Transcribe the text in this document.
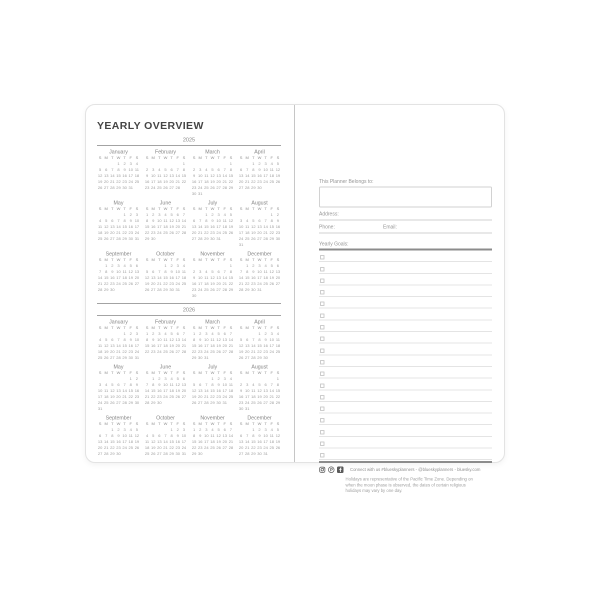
YEARLY OVERVIEW
2025
January
S M T W T F S
1 2 3 4
5 6 7 8 9 10 11
12 13 14 15 16 17 18
19 20 21 22 23 24 25
26 27 28 29 30 31
February
S M T W T F S
1
2 3 4 5 6 7 8
9 10 11 12 13 14 15
16 17 18 19 20 21 22
23 24 25 26 27 28
March
S M T W T F S
1
2 3 4 5 6 7 8
9 10 11 12 13 14 15
16 17 18 19 20 21 22
23 24 25 26 27 28 29
30 31
April
S M T W T F S
1 2 3 4 5
6 7 8 9 10 11 12
13 14 15 16 17 18 19
20 21 22 23 24 25 26
27 28 29 30
May
S M T W T F S
1 2 3
4 5 6 7 8 9 10
11 12 13 14 15 16 17
18 19 20 21 22 23 24
25 26 27 28 29 30 31
June
S M T W T F S
1 2 3 4 5 6 7
8 9 10 11 12 13 14
15 16 17 18 19 20 21
22 23 24 25 26 27 28
29 30
July
S M T W T F S
1 2 3 4 5
6 7 8 9 10 11 12
13 14 15 16 17 18 19
20 21 22 23 24 25 26
27 28 29 30 31
August
S M T W T F S
1 2
3 4 5 6 7 8 9
10 11 12 13 14 15 16
17 18 19 20 21 22 23
24 25 26 27 28 29 30
31
September
S M T W T F S
1 2 3 4 5 6
7 8 9 10 11 12 13
14 15 16 17 18 19 20
21 22 23 24 25 26 27
28 29 30
October
S M T W T F S
1 2 3 4
5 6 7 8 9 10 11
12 13 14 15 16 17 18
19 20 21 22 23 24 25
26 27 28 29 30 31
November
S M T W T F S
1
2 3 4 5 6 7 8
9 10 11 12 13 14 15
16 17 18 19 20 21 22
23 24 25 26 27 28 29
30
December
S M T W T F S
1 2 3 4 5 6
7 8 9 10 11 12 13
14 15 16 17 18 19 20
21 22 23 24 25 26 27
28 29 30 31
2026
January
S M T W T F S
1 2 3
4 5 6 7 8 9 10
11 12 13 14 15 16 17
18 19 20 21 22 23 24
25 26 27 28 29 30 31
February
S M T W T F S
1 2 3 4 5 6 7
8 9 10 11 12 13 14
15 16 17 18 19 20 21
22 23 24 25 26 27 28
March
S M T W T F S
1 2 3 4 5 6 7
8 9 10 11 12 13 14
15 16 17 18 19 20 21
22 23 24 25 26 27 28
29 30 31
April
S M T W T F S
1 2 3 4
5 6 7 8 9 10 11
12 13 14 15 16 17 18
19 20 21 22 23 24 25
26 27 28 29 30
May
S M T W T F S
1 2
3 4 5 6 7 8 9
10 11 12 13 14 15 16
17 18 19 20 21 22 23
24 25 26 27 28 29 30
31
June
S M T W T F S
1 2 3 4 5 6
7 8 9 10 11 12 13
14 15 16 17 18 19 20
21 22 23 24 25 26 27
28 29 30
July
S M T W T F S
1 2 3 4
5 6 7 8 9 10 11
12 13 14 15 16 17 18
19 20 21 22 23 24 25
26 27 28 29 30 31
August
S M T W T F S
1
2 3 4 5 6 7 8
9 10 11 12 13 14 15
16 17 18 19 20 21 22
23 24 25 26 27 28 29
30 31
September
S M T W T F S
1 2 3 4 5
6 7 8 9 10 11 12
13 14 15 16 17 18 19
20 21 22 23 24 25 26
27 28 29 30
October
S M T W T F S
1 2 3
4 5 6 7 8 9 10
11 12 13 14 15 16 17
18 19 20 21 22 23 24
25 26 27 28 29 30 31
November
S M T W T F S
1 2 3 4 5 6 7
8 9 10 11 12 13 14
15 16 17 18 19 20 21
22 23 24 25 26 27 28
29 30
December
S M T W T F S
1 2 3 4 5
6 7 8 9 10 11 12
13 14 15 16 17 18 19
20 21 22 23 24 25 26
27 28 29 30 31
This Planner Belongs to:
Address:
Phone:	Email:
Yearly Goals:
Connect with us #blueskyplanners - @blueskyplanners - bluesky.com
Holidays are representative of the Pacific Time Zone. Depending on when the moon phase is observed, the dates of certain religious holidays may vary by one day.
